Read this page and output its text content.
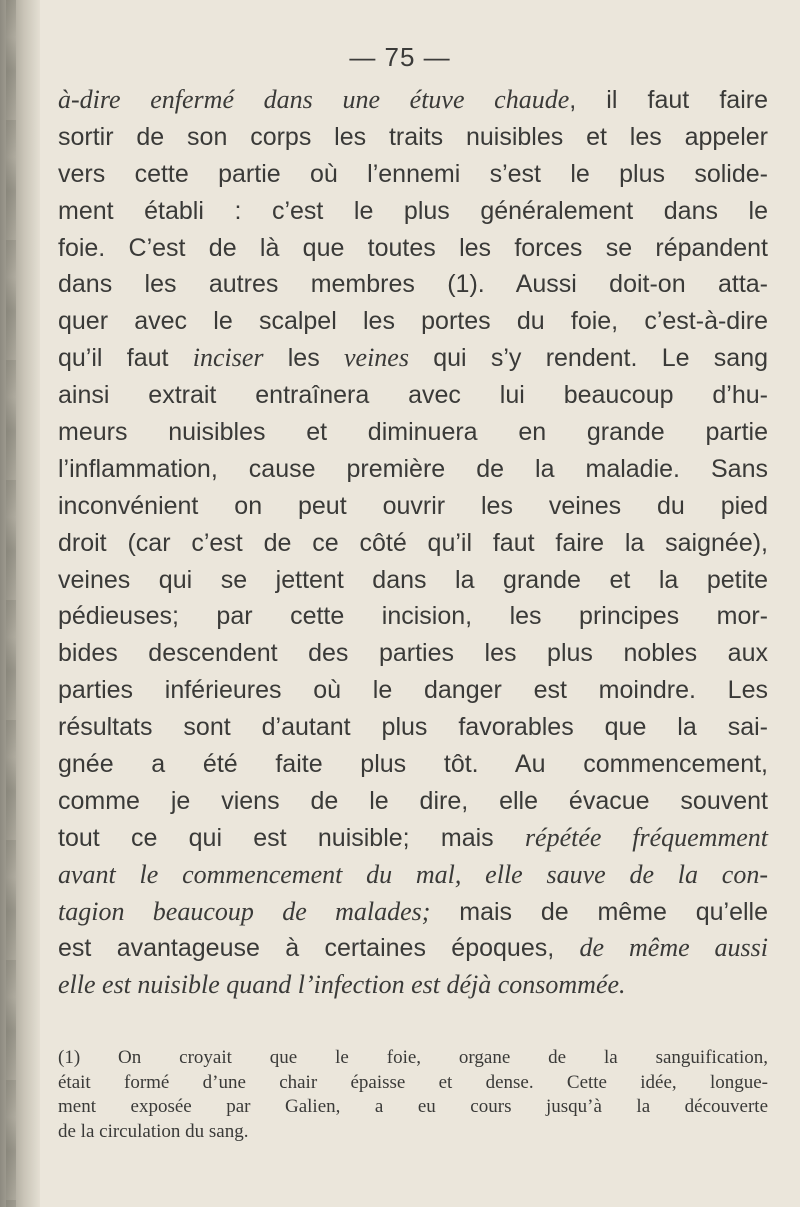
— 75 —
à-dire enfermé dans une étuve chaude, il faut faire
sortir de son corps les traits nuisibles et les appeler
vers cette partie où l’ennemi s’est le plus solide-
ment établi : c’est le plus généralement dans le
foie. C’est de là que toutes les forces se répandent
dans les autres membres (1). Aussi doit-on atta-
quer avec le scalpel les portes du foie, c’est-à-dire
qu’il faut inciser les veines qui s’y rendent. Le sang
ainsi extrait entraînera avec lui beaucoup d’hu-
meurs nuisibles et diminuera en grande partie
l’inflammation, cause première de la maladie. Sans
inconvénient on peut ouvrir les veines du pied
droit (car c’est de ce côté qu’il faut faire la saignée),
veines qui se jettent dans la grande et la petite
pédieuses; par cette incision, les principes mor-
bides descendent des parties les plus nobles aux
parties inférieures où le danger est moindre. Les
résultats sont d’autant plus favorables que la sai-
gnée a été faite plus tôt. Au commencement,
comme je viens de le dire, elle évacue souvent
tout ce qui est nuisible; mais répétée fréquemment
avant le commencement du mal, elle sauve de la con-
tagion beaucoup de malades; mais de même qu’elle
est avantageuse à certaines époques, de même aussi
elle est nuisible quand l’infection est déjà consommée.
(1) On croyait que le foie, organe de la sanguification,
était formé d’une chair épaisse et dense. Cette idée, longue-
ment exposée par Galien, a eu cours jusqu’à la découverte
de la circulation du sang.
